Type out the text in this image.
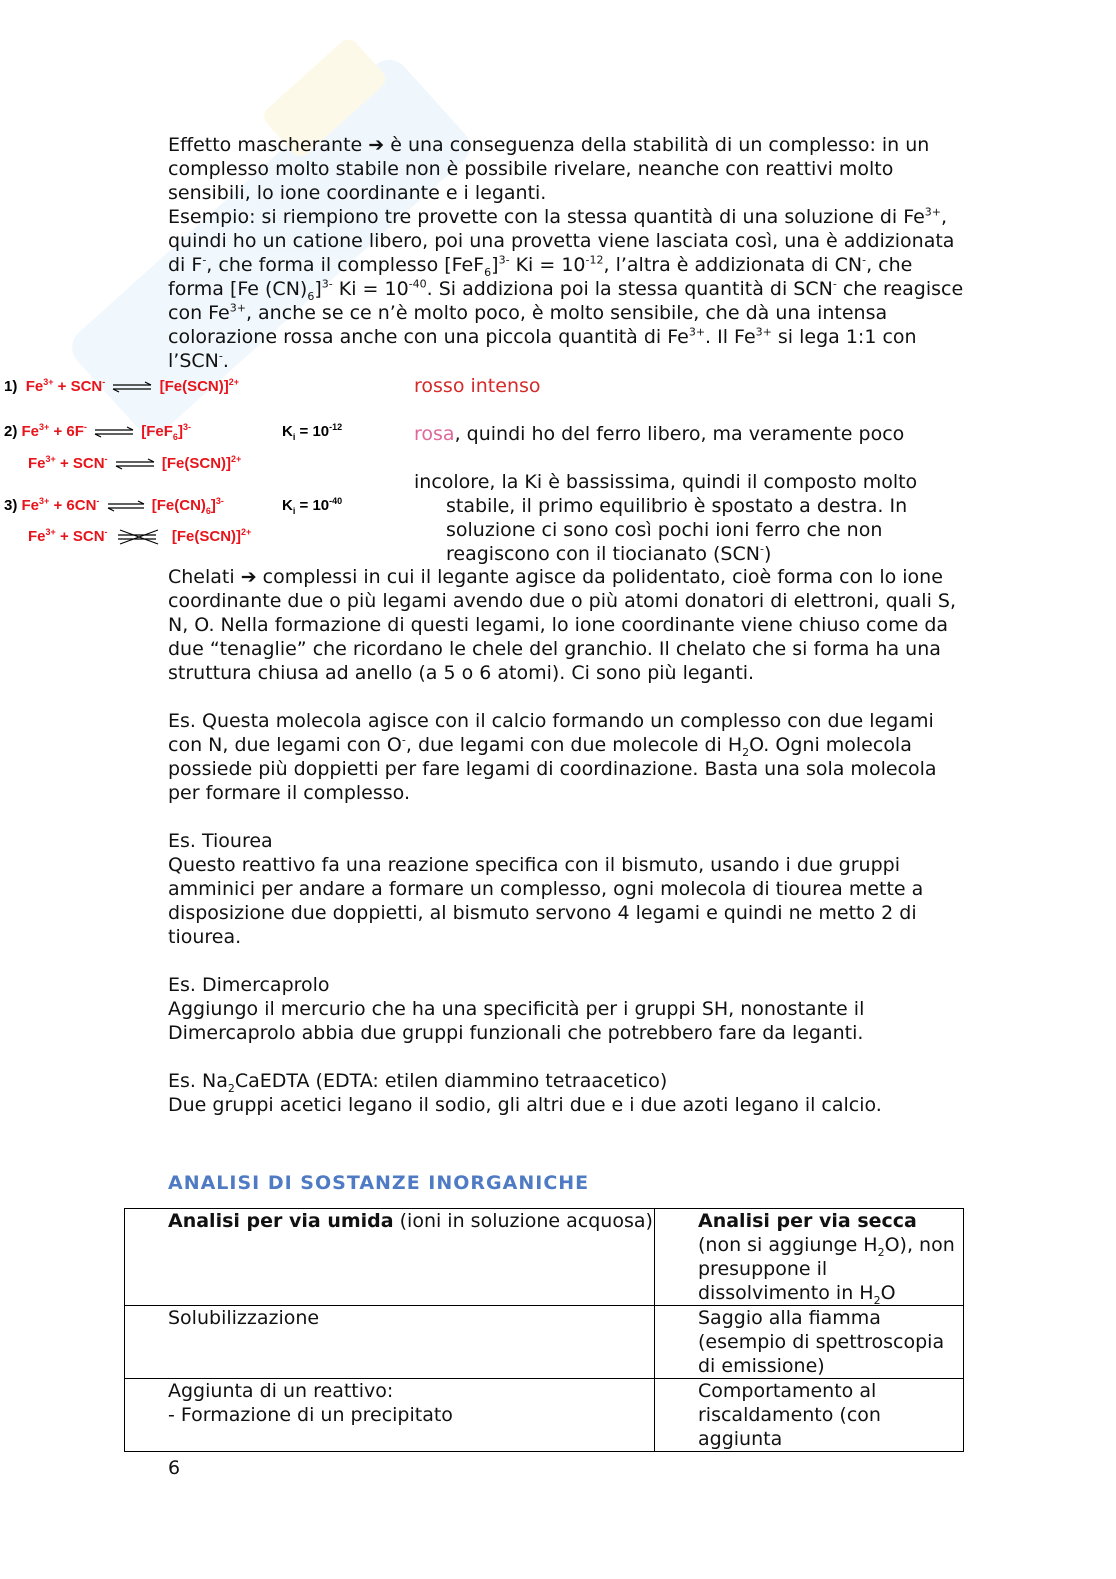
Effetto mascherante ➔ è una conseguenza della stabilità di un complesso: in un complesso molto stabile non è possibile rivelare, neanche con reattivi molto sensibili, lo ione coordinante e i leganti.

Esempio: si riempiono tre provette con la stessa quantità di una soluzione di $Fe^{3+}$, quindi ho un catione libero, poi una provetta viene lasciata così, una è addizionata di F-, che forma il complesso $[FeF_6]^{3-}$ $Ki = 10^{-12}$, l’altra è addizionata di CN-, che forma [Fe $(CN)_6]^{3-}$ $Ki = 10^{-40}$. Si addiziona poi la stessa quantità di SCN- che reagisce con $Fe^{3+}$, anche se ce n’è molto poco, è molto sensibile, che dà una intensa colorazione rossa anche con una piccola quantità di $Fe^{3+}$. Il $Fe^{3+}$ si lega 1:1 con l’SCN-.

1) $Fe^{3+} + SCN^-$ ⇌ $[Fe(SCN)]^{2+}$
2) $Fe^{3+} + 6F^-$ ⇌ $[FeF_6]^{3-}$	$K_i = 10^{-12}$
$Fe^{3+} + SCN^-$ ⇌ $[Fe(SCN)]^{2+}$
3) $Fe^{3+} + 6CN^-$ ⇌ $[Fe(CN)_6]^{3-}$	$K_i = 10^{-40}$
$Fe^{3+} + SCN^-$	$[Fe(SCN)]^{2+}$
rosso intenso
rosa, quindi ho del ferro libero, ma veramente poco
incolore, la Ki è bassissima, quindi il composto molto
stabile, il primo equilibrio è spostato a destra. In soluzione ci sono così pochi ioni ferro che non reagiscono con il tiocianato (SCN-)

Chelati ➔ complessi in cui il legante agisce da polidentato, cioè forma con lo ione coordinante due o più legami avendo due o più atomi donatori di elettroni, quali S, N, O. Nella formazione di questi legami, lo ione coordinante viene chiuso come da due “tenaglie” che ricordano le chele del granchio. Il chelato che si forma ha una struttura chiusa ad anello (a 5 o 6 atomi). Ci sono più leganti.

Es. Questa molecola agisce con il calcio formando un complesso con due legami con N, due legami con O-, due legami con due molecole di $H_2O$. Ogni molecola possiede più doppietti per fare legami di coordinazione. Basta una sola molecola per formare il complesso.

Es. Tiourea

Questo reattivo fa una reazione specifica con il bismuto, usando i due gruppi amminici per andare a formare un complesso, ogni molecola di tiourea mette a disposizione due doppietti, al bismuto servono 4 legami e quindi ne metto 2 di tiourea.

Es. Dimercaprolo

Aggiungo il mercurio che ha una specificità per i gruppi SH, nonostante il Dimercaprolo abbia due gruppi funzionali che potrebbero fare da leganti.

Es. $Na_2CaEDTA$ (EDTA: etilen diammino tetraacetico)

Due gruppi acetici legano il sodio, gli altri due e i due azoti legano il calcio.

ANALISI DI SOSTANZE INORGANICHE
Analisi per via umida (ioni in soluzione acquosa)	Analisi per via secca (non si aggiunge $H_2O$), non presuppone il dissolvimento in $H_2O$
Solubilizzazione	Saggio alla fiamma (esempio di spettroscopia di emissione)

Aggiunta di un reattivo:
- Formazione di un precipitato	Comportamento al riscaldamento (con aggiunta
6
